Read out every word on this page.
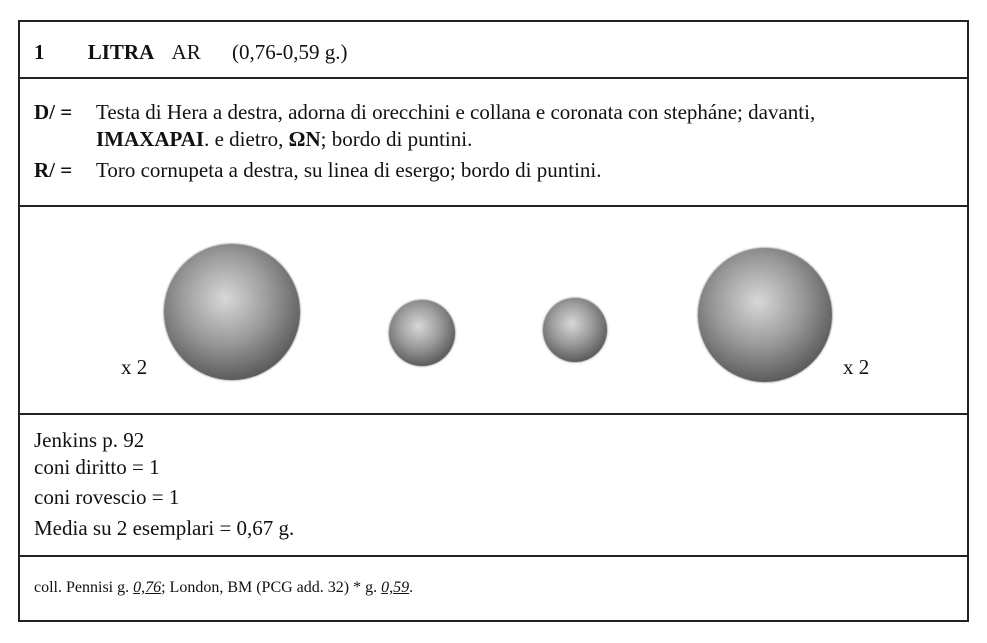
1 LITRA AR (0,76-0,59 g.)
D/ = Testa di Hera a destra, adorna di orecchini e collana e coronata con stepháne; davanti,
IMAXAPAI. e dietro, ΩN; bordo di puntini.
R/ = Toro cornupeta a destra, su linea di esergo; bordo di puntini.
x 2	x 2
Jenkins p. 92
coni diritto = 1
coni rovescio = 1
Media su 2 esemplari = 0,67 g.
coll. Pennisi g. 0,76; London, BM (PCG add. 32) * g. 0,59.
